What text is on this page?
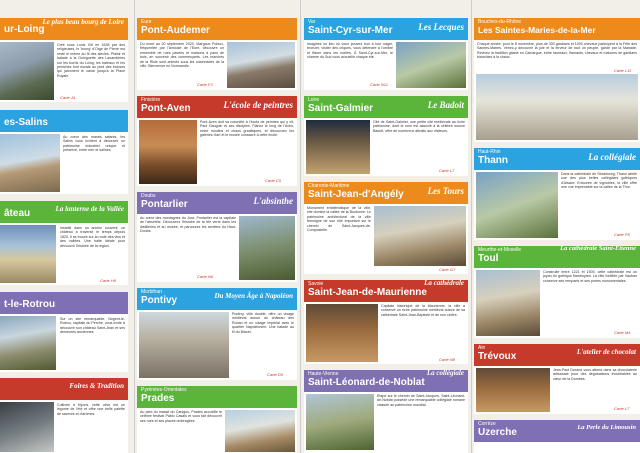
ur-Loing
Le plus beau bourg de Loire
Créé sous Louis XIII en 1638 par des religieuses, le 'bourg' d'Orge de Pierre est resté le même au fil des siècles. Plaisir et balade à la Guinguette des Lavandières sur les bords du Loing, les bateaux et les péniches font escale au pied des écluses qui jalonnent le canal jusqu'à la Place Royale.
Carte J4
es-Salins
Au cœur des marais salants, les Salins vous invitent à découvrir un patrimoine industriel unique et préservé, entre mer et salines.
âteau	La lanterne de la Vallée
Installé dans un ancien couvent, ce château a traversé le temps depuis 1820. Il se trouve sur la route des vins et des vallées. Une halte idéale pour découvrir l'histoire de la région.
Carte H5
t-le-Rotrou
Sur un site remarquable, Nogent-le-Rotrou, capitale du Perche, vous invite à découvrir son château Saint-Jean et ses demeures anciennes.
Foires & Tradition
Cultivée à Nyons, cette olive est un légume de l'été et offre une belle palette de saveurs et d'arômes.
Eure
Pont-Audemer
Du mont au 20 septembre 2020, Margaux Poleux, fréquentée par l'Amicale de l'Eure, découvre un ensemble de rues pavées et maisons à pans de bois, en souvenir des commerçants. Les marchés de la Risle sont animés sous les colonnades de la ville. Bienvenue en Normandie.
Carte F3
Finistère
Pont-Aven	L'école de peintres
Pont-Aven doit sa notoriété à l'école de peintres qui y vit, Paul Gauguin et ses disciples. Flânez le long de l'Aven, entre moulins et chaos granitiques, et découvrez les galeries d'art et le musée consacré à cette école.
Carte C5
Doubs
Pontarlier	L'absinthe
Au cœur des montagnes du Jura, Pontarlier est la capitale de l'absinthe. Découvrez l'histoire de la fée verte dans les distilleries et au musée, et parcourez les sentiers du Haut-Doubs.
Carte N6
Morbihan
Pontivy	Du Moyen Âge à Napoléon
Pontivy, ville double, offre un visage médiéval autour du château des Rohan et un visage impérial avec le quartier Napoléonien. Une balade au fil du Blavet.
Carte D5
Pyrénées-Orientales
Prades
Au pied du massif du Canigou, Prades accueille le célèbre festival Pablo Casals et vous fait découvrir ses rues et ses places ombragées.
Var
Saint-Cyr-sur-Mer	Les Lecques
Imaginez un lieu où vous pouvez tour à tour nager, bronzer, visiter des criques, vous détendre à l'ombre et flâner dans les ruelles. À Saint-Cyr-sur-Mer, le charme du Sud vous accueille chaque été.
Carte N11
Loire
Saint-Galmier	Le Badoit
Cité de Saint-Galmier, une petite cité médiévale au riche patrimoine, dont le nom est associé à la célèbre source Badoit, offre de nombreux attraits aux visiteurs.
Carte L7
Charente-Maritime
Saint-Jean-d'Angély	Les Tours
Monument emblématique de la ville, elle domine la vallée de la Boutonne. Le patrimoine architectural de la ville témoigne de son rôle important sur le chemin de Saint-Jacques-de-Compostelle.
Carte G7
Savoie
Saint-Jean-de-Maurienne
La cathédrale
Capitale historique de la Maurienne, la ville a conservé un riche patrimoine médiéval autour de sa cathédrale Saint-Jean-Baptiste et de son cloître.
Carte N8
Haute-Vienne
Saint-Léonard-de-Noblat
La collégiale
Étape sur le chemin de Saint-Jacques, Saint-Léonard-de-Noblat possède une remarquable collégiale romane classée au patrimoine mondial.
Bouches-du-Rhône
Les Saintes-Maries-de-la-Mer
Chaque année, pour le 8 novembre, plus de 300 gardians et 1000 chevaux participent à la Fête des Saintes-Maries. Venez-y découvrir la joie et la ferveur de tout un peuple, gardé par la Manade. Revivez la tradition gitane en Camargue, entre taureaux, flamants, chevaux et maisons de gardians blanchies à la chaux.
Carte L11
Haut-Rhin
Thann	La collégiale
Dans la cathédrale de Strasbourg, Thann abrite une des plus belles collégiales gothiques d'Alsace. Entourée de vignobles, la ville offre une vue imprenable sur la vallée de la Thur.
Carte P5
Meurthe-et-Moselle
Toul
La cathédrale Saint-Étienne
Construite entre 1221 et 1500, cette cathédrale est un joyau du gothique flamboyant. La ville fortifiée par Vauban conserve ses remparts et ses portes monumentales.
Carte M4
Ain
Trévoux	L'atelier de chocolat
Jean-Paul Durand vous attend dans sa chocolaterie artisanale pour des dégustations inoubliables au cœur de la Dombes.
Carte L7
Corrèze
Uzerche	La Perle du Limousin
